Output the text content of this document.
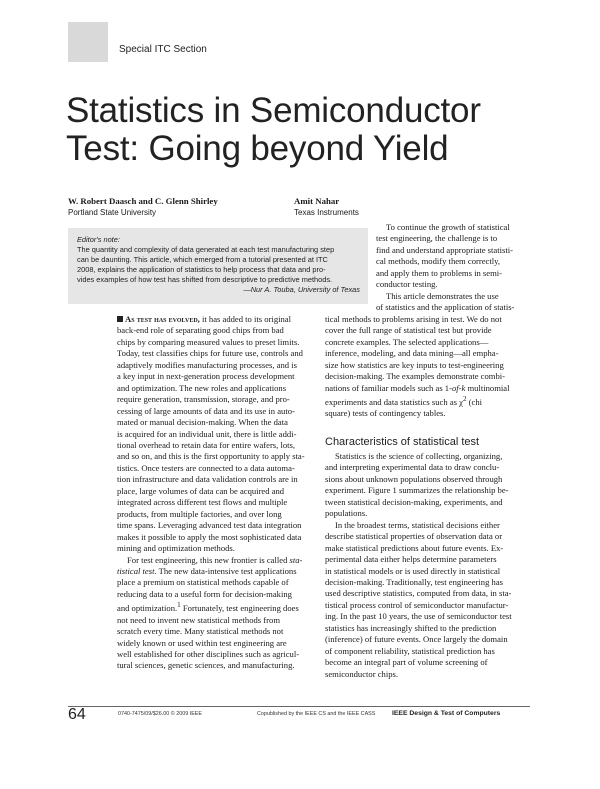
Special ITC Section
Statistics in Semiconductor
Test: Going beyond Yield
W. Robert Daasch and C. Glenn Shirley
Portland State University
Amit Nahar
Texas Instruments
Editor's note:
The quantity and complexity of data generated at each test manufacturing step
can be daunting. This article, which emerged from a tutorial presented at ITC
2008, explains the application of statistics to help process that data and pro-
vides examples of how test has shifted from descriptive to predictive methods.
—Nur A. Touba, University of Texas

To continue the growth of statistical
test engineering, the challenge is to
find and understand appropriate statisti-
cal methods, modify them correctly,
and apply them to problems in semi-
conductor testing.
This article demonstrates the use
of statistics and the application of statis-

As test has evolved, it has added to its original
back-end role of separating good chips from bad
chips by comparing measured values to preset limits.
Today, test classifies chips for future use, controls and
adaptively modifies manufacturing processes, and is
a key input in next-generation process development
and optimization. The new roles and applications
require generation, transmission, storage, and pro-
cessing of large amounts of data and its use in auto-
mated or manual decision-making. When the data
is acquired for an individual unit, there is little addi-
tional overhead to retain data for entire wafers, lots,
and so on, and this is the first opportunity to apply sta-
tistics. Once testers are connected to a data automa-
tion infrastructure and data validation controls are in
place, large volumes of data can be acquired and
integrated across different test flows and multiple
products, from multiple factories, and over long
time spans. Leveraging advanced test data integration
makes it possible to apply the most sophisticated data
mining and optimization methods.
For test engineering, this new frontier is called sta-
tistical test. The new data-intensive test applications
place a premium on statistical methods capable of
reducing data to a useful form for decision-making
and optimization.$^1$ Fortunately, test engineering does
not need to invent new statistical methods from
scratch every time. Many statistical methods not
widely known or used within test engineering are
well established for other disciplines such as agricul-
tural sciences, genetic sciences, and manufacturing.

tical methods to problems arising in test. We do not
cover the full range of statistical test but provide
concrete examples. The selected applications—
inference, modeling, and data mining—all empha-
size how statistics are key inputs to test-engineering
decision-making. The examples demonstrate combi-
nations of familiar models such as 1-of-k multinomial
experiments and data statistics such as $\chi^2$ (chi
square) tests of contingency tables.

Characteristics of statistical test

Statistics is the science of collecting, organizing,
and interpreting experimental data to draw conclu-
sions about unknown populations observed through
experiment. Figure 1 summarizes the relationship be-
tween statistical decision-making, experiments, and
populations.
In the broadest terms, statistical decisions either
describe statistical properties of observation data or
make statistical predictions about future events. Ex-
perimental data either helps determine parameters
in statistical models or is used directly in statistical
decision-making. Traditionally, test engineering has
used descriptive statistics, computed from data, in sta-
tistical process control of semiconductor manufactur-
ing. In the past 10 years, the use of semiconductor test
statistics has increasingly shifted to the prediction
(inference) of future events. Once largely the domain
of component reliability, statistical prediction has
become an integral part of volume screening of
semiconductor chips.

64	0740-7475/09/$26.00 © 2009 IEEE	Copublished by the IEEE CS and the IEEE CASS IEEE Design & Test of Computers
